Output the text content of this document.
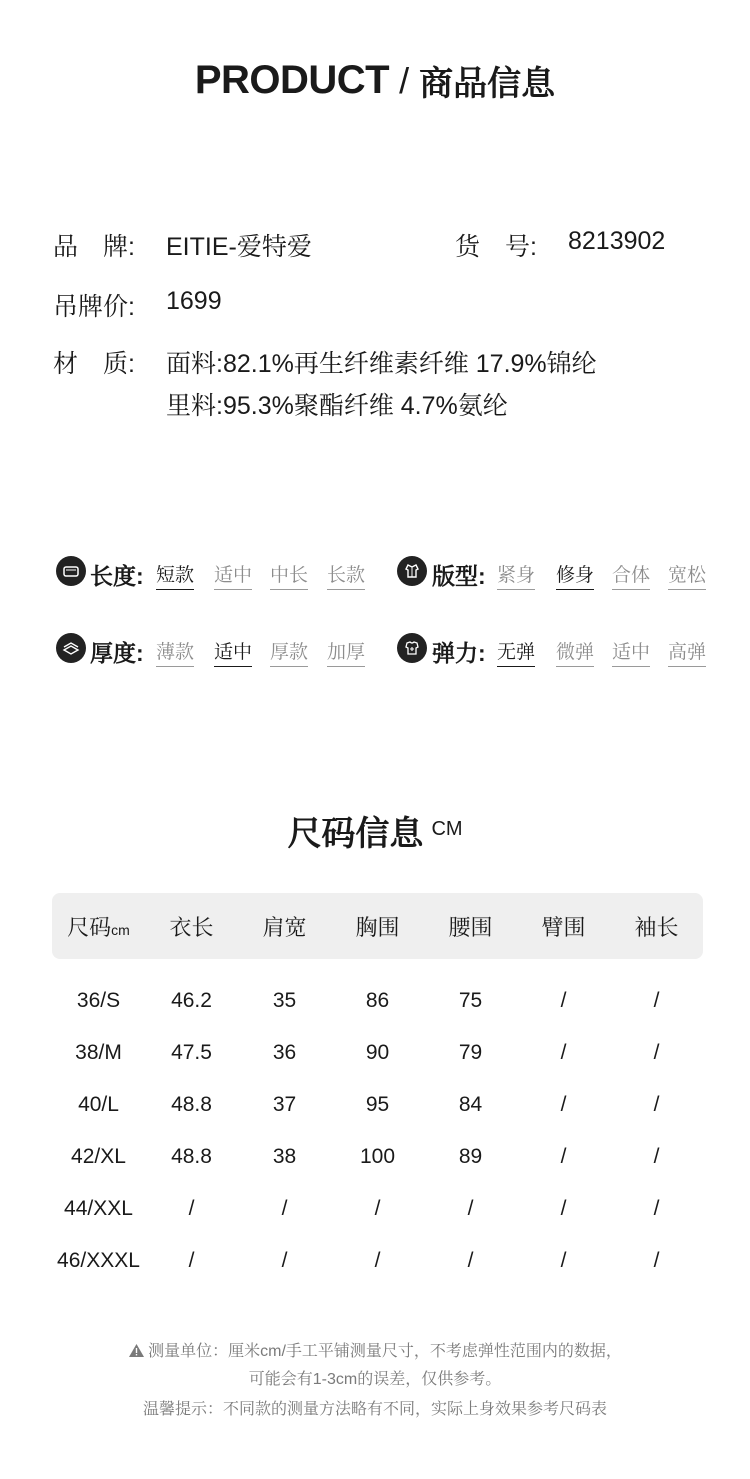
PRODUCT / 商品信息
品　牌: EITIE-爱特爱	货　号: 8213902
吊牌价: 1699
材　质: 面料:82.1%再生纤维素纤维 17.9%锦纶
里料:95.3%聚酯纤维 4.7%氨纶
长度: 短款 适中 中长 长款	版型: 紧身 修身 合体 宽松
厚度: 薄款 适中 厚款 加厚	弹力: 无弹 微弹 适中 高弹
尺码信息 CM
尺码cm	衣长	肩宽	胸围	腰围	臂围	袖长
36/S	46.2	35	86	75	/	/
38/M	47.5	36	90	79	/	/
40/L	48.8	37	95	84	/	/
42/XL	48.8	38	100	89	/	/
44/XXL	/	/	/	/	/	/
46/XXXL	/	/	/	/	/	/
测量单位：厘米cm/手工平铺测量尺寸，不考虑弹性范围内的数据，
可能会有1-3cm的误差，仅供参考。
温馨提示：不同款的测量方法略有不同，实际上身效果参考尺码表
